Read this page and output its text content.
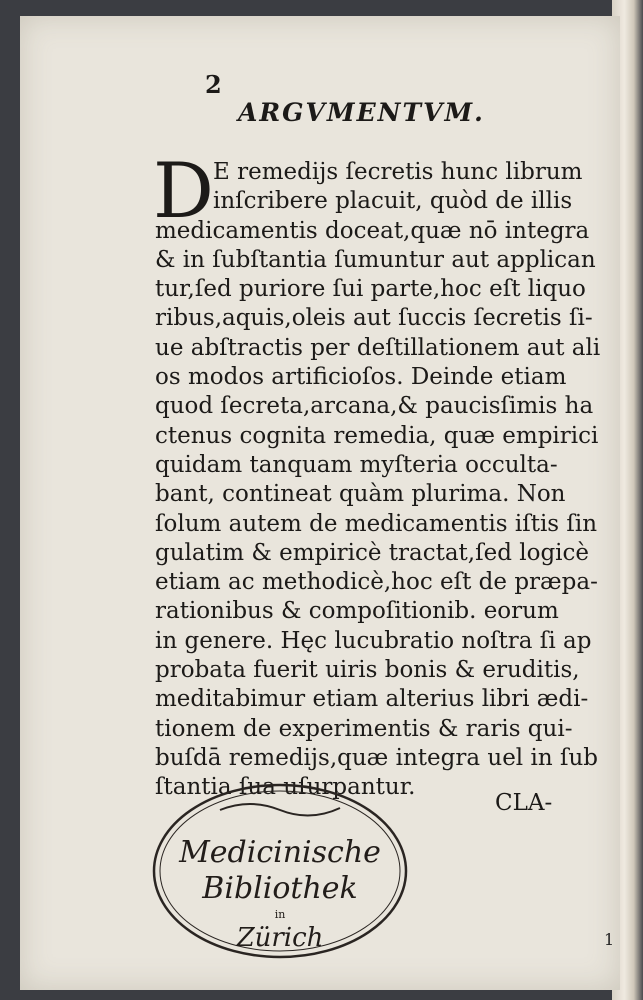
2
ARGVMENTVM.
D E remedijs ſecretis hunc librum
inſcribere placuit, quòd de illis
medicamentis doceat,quæ nō integra
& in ſubſtantia ſumuntur aut applican
tur,ſed puriore ſui parte,hoc eſt liquo
ribus,aquis,oleis aut ſuccis ſecretis ſi-
ue abſtractis per deſtillationem aut ali
os modos artificioſos. Deinde etiam
quod ſecreta,arcana,& paucisſimis ha
ctenus cognita remedia, quæ empirici
quidam tanquam myſteria occulta-
bant, contineat quàm plurima. Non
ſolum autem de medicamentis iſtis ſin
gulatim & empiricè tractat,ſed logicè
etiam ac methodicè,hoc eſt de præpa-
rationibus & compoſitionib. eorum
in genere. Hęc lucubratio noſtra ſi ap
probata fuerit uiris bonis & eruditis,
meditabimur etiam alterius libri ædi-
tionem de experimentis & raris qui-
buſdā remedijs,quæ integra uel in ſub
ſtantia ſua uſurpantur.

CLA-
Medicinische
Bibliothek
in
Zürich	1
